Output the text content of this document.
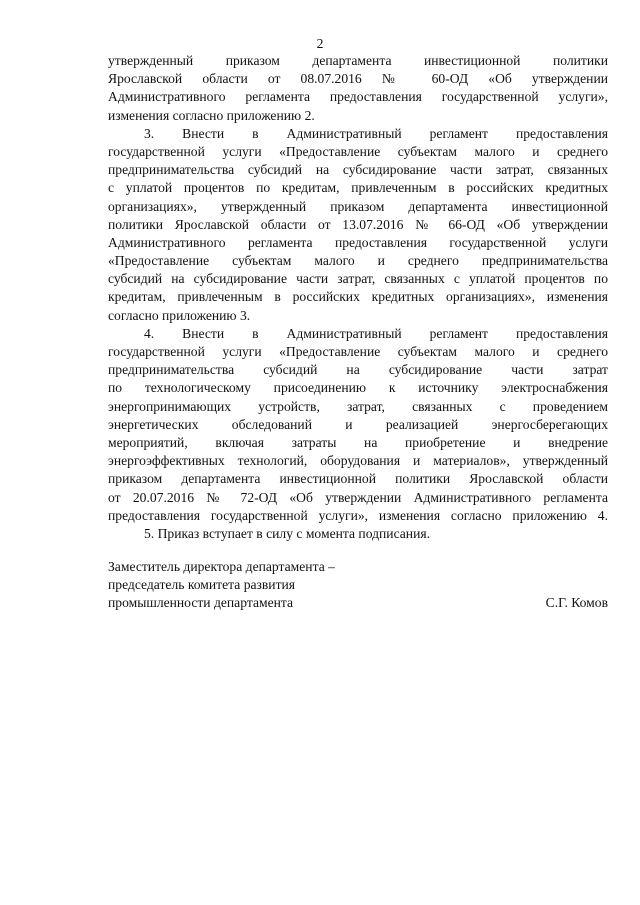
2
утвержденный приказом департамента инвестиционной политики
Ярославской области от 08.07.2016 № 60-ОД «Об утверждении
Административного регламента предоставления государственной услуги»,
изменения согласно приложению 2.
3. Внести в Административный регламент предоставления
государственной услуги «Предоставление субъектам малого и среднего
предпринимательства субсидий на субсидирование части затрат, связанных
с уплатой процентов по кредитам, привлеченным в российских кредитных
организациях», утвержденный приказом департамента инвестиционной
политики Ярославской области от 13.07.2016 № 66-ОД «Об утверждении
Административного регламента предоставления государственной услуги
«Предоставление субъектам малого и среднего предпринимательства
субсидий на субсидирование части затрат, связанных с уплатой процентов по
кредитам, привлеченным в российских кредитных организациях», изменения
согласно приложению 3.
4. Внести в Административный регламент предоставления
государственной услуги «Предоставление субъектам малого и среднего
предпринимательства субсидий на субсидирование части затрат
по технологическому присоединению к источнику электроснабжения
энергопринимающих устройств, затрат, связанных с проведением
энергетических обследований и реализацией энергосберегающих
мероприятий, включая затраты на приобретение и внедрение
энергоэффективных технологий, оборудования и материалов», утвержденный
приказом департамента инвестиционной политики Ярославской области
от 20.07.2016 № 72-ОД «Об утверждении Административного регламента
предоставления государственной услуги», изменения согласно приложению 4.
5. Приказ вступает в силу с момента подписания.
Заместитель директора департамента –
председатель комитета развития
промышленности департамента	С.Г. Комов
